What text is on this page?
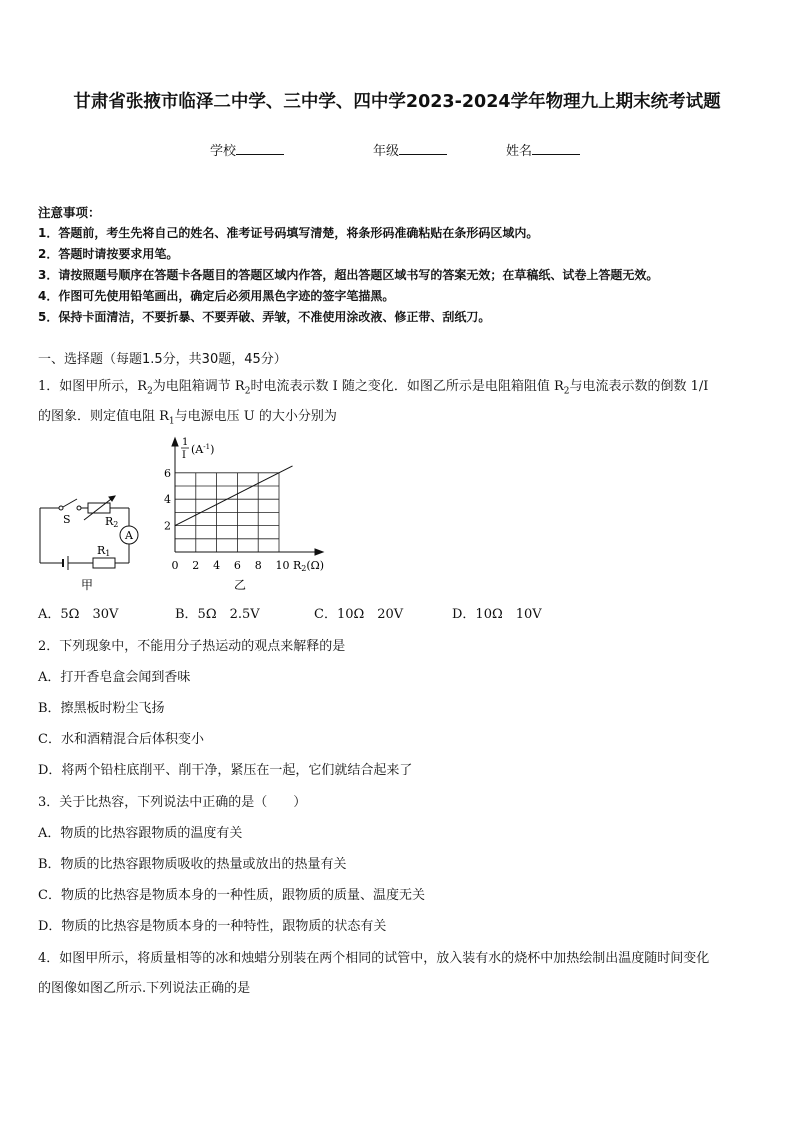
甘肃省张掖市临泽二中学、三中学、四中学2023-2024学年物理九上期末统考试题
学校	年级	姓名
注意事项：
1．答题前，考生先将自己的姓名、准考证号码填写清楚，将条形码准确粘贴在条形码区域内。
2．答题时请按要求用笔。
3．请按照题号顺序在答题卡各题目的答题区域内作答，超出答题区域书写的答案无效；在草稿纸、试卷上答题无效。
4．作图可先使用铅笔画出，确定后必须用黑色字迹的签字笔描黑。
5．保持卡面清洁，不要折暴、不要弄破、弄皱，不准使用涂改液、修正带、刮纸刀。
一、选择题（每题1.5分，共30题，45分）
1．如图甲所示，$R_2$为电阻箱调节 $R_2$时电流表示数 I 随之变化．如图乙所示是电阻箱阻值 $R_2$与电流表示数的倒数 1/I
的图象．则定值电阻 $R_1$与电源电压 U 的大小分别为
S	R2
A
R1
甲
0 2 4 6 8 10
2
4
6
1
I $(A^{-1})$
R2(Ω)
乙
A．5Ω　30V	B．5Ω　2.5V	C．10Ω　20V	D．10Ω　10V
2．下列现象中，不能用分子热运动的观点来解释的是
A．打开香皂盒会闻到香味
B．擦黑板时粉尘飞扬
C．水和酒精混合后体积变小
D．将两个铅柱底削平、削干净，紧压在一起，它们就结合起来了
3．关于比热容，下列说法中正确的是（　　）
A．物质的比热容跟物质的温度有关
B．物质的比热容跟物质吸收的热量或放出的热量有关
C．物质的比热容是物质本身的一种性质，跟物质的质量、温度无关
D．物质的比热容是物质本身的一种特性，跟物质的状态有关
4．如图甲所示，将质量相等的冰和烛蜡分别装在两个相同的试管中，放入装有水的烧杯中加热绘制出温度随时间变化
的图像如图乙所示.下列说法正确的是
